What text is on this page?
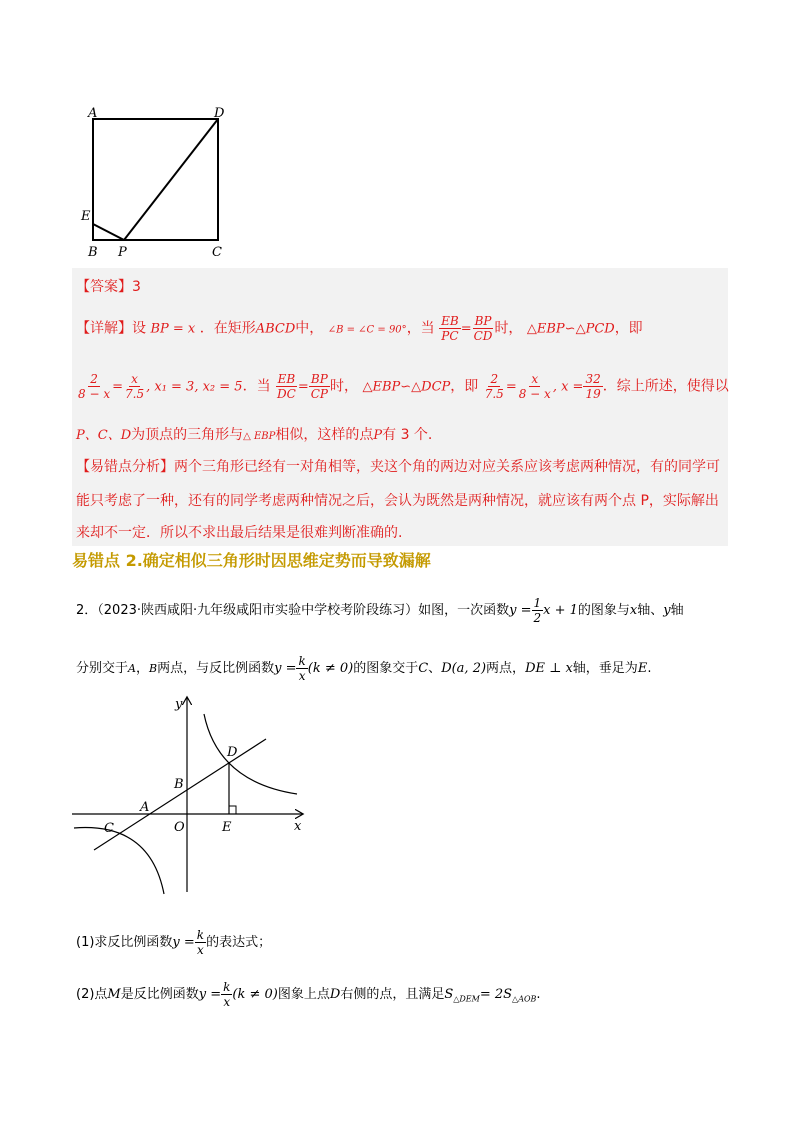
A	D
E
B P	C
【答案】3
【详解】设 BP = x ．在矩形ABCD中， ∠B = ∠C = 90°，当 $\frac{EB}{PC} = \frac{BP}{CD}$ 时， △EBP∽△PCD，即
$\frac{2}{8 - x} = \frac{x}{7.5}$ , x₁ = 3, x₂ = 5．当 $\frac{EB}{DC} = \frac{BP}{CP}$ 时， △EBP∽△DCP，即 $\frac{2}{7.5} = \frac{x}{8 - x}$ , $x = \frac{32}{19}$ ．综上所述，使得以
P、C、D为顶点的三角形与△ EBP相似，这样的点P有 3 个.
【易错点分析】两个三角形已经有一对角相等，夹这个角的两边对应关系应该考虑两种情况，有的同学可
能只考虑了一种，还有的同学考虑两种情况之后，会认为既然是两种情况，就应该有两个点 P，实际解出
来却不一定．所以不求出最后结果是很难判断准确的.
易错点 2.确定相似三角形时因思维定势而导致漏解
2．（2023·陕西咸阳·九年级咸阳市实验中学校考阶段练习）如图，一次函数$y = \frac{1}{2}$ x + 1的图象与x轴、y轴
分别交于A，B两点，与反比例函数$y = \frac{k}{x} (k \ne 0)$的图象交于C、D(a, 2)两点，DE ⊥ x轴，垂足为E.
y
x
O
A
B
C
D
E
(1)求反比例函数$y = \frac{k}{x}$ 的表达式；
(2)点M是反比例函数$y = \frac{k}{x} (k \ne 0)$图象上点D右侧的点，且满足$S_{\triangle DEM}= 2S_{\triangle AOB}$.
